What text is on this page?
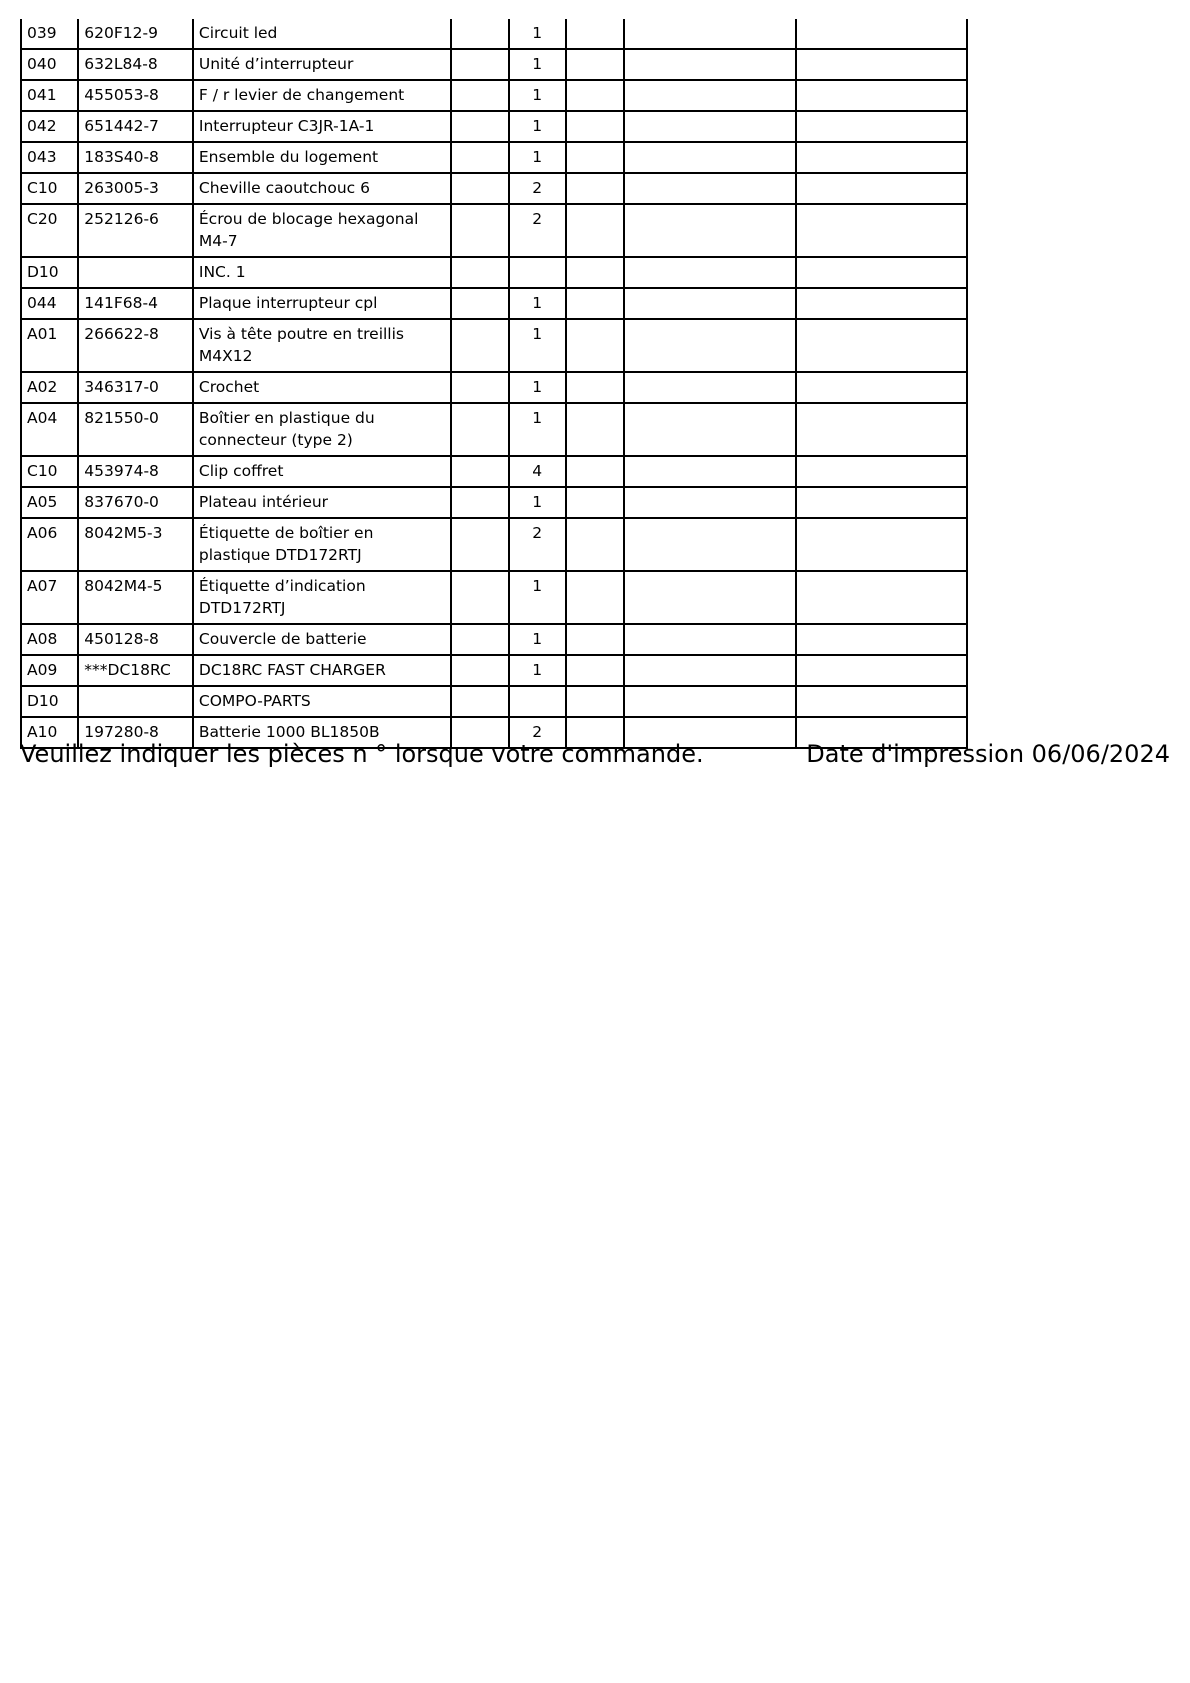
039	620F12-9	Circuit led		1			
040	632L84-8	Unité d’interrupteur		1			
041	455053-8	F / r levier de changement		1			
042	651442-7	Interrupteur C3JR-1A-1		1			
043	183S40-8	Ensemble du logement		1			
C10	263005-3	Cheville caoutchouc 6		2			
C20	252126-6	Écrou de blocage hexagonal M4-7		2			
D10		INC. 1					
044	141F68-4	Plaque interrupteur cpl		1			
A01	266622-8	Vis à tête poutre en treillis M4X12		1			
A02	346317-0	Crochet		1			
A04	821550-0	Boîtier en plastique du connecteur (type 2)		1			
C10	453974-8	Clip coffret		4			
A05	837670-0	Plateau intérieur		1			
A06	8042M5-3	Étiquette de boîtier en plastique DTD172RTJ		2			
A07	8042M4-5	Étiquette d’indication DTD172RTJ		1			
A08	450128-8	Couvercle de batterie		1			
A09	***DC18RC	DC18RC FAST CHARGER		1			
D10		COMPO-PARTS					
A10	197280-8	Batterie 1000 BL1850B		2			
Veuillez indiquer les pièces n ° lorsque votre commande.	Date d'impression 06/06/2024
